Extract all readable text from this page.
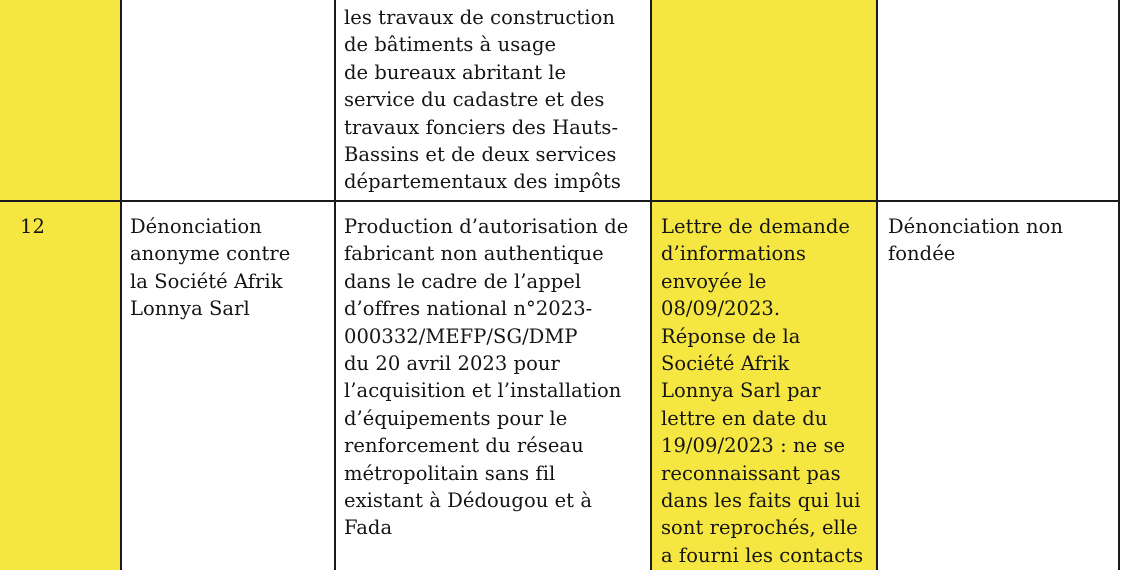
les travaux de construction
de bâtiments à usage
de bureaux abritant le
service du cadastre et des
travaux fonciers des Hauts-
Bassins et de deux services
départementaux des impôts
12	Dénonciation
anonyme contre
la Société Afrik
Lonnya Sarl
Production d’autorisation de
fabricant non authentique
dans le cadre de l’appel
d’offres national n°2023-
000332/MEFP/SG/DMP
du 20 avril 2023 pour
l’acquisition et l’installation
d’équipements pour le
renforcement du réseau
métropolitain sans fil
existant à Dédougou et à
Fada
Lettre de demande
d’informations
envoyée le
08/09/2023.
Réponse de la
Société Afrik
Lonnya Sarl par
lettre en date du
19/09/2023 : ne se
reconnaissant pas
dans les faits qui lui
sont reprochés, elle
a fourni les contacts
Dénonciation non
fondée
